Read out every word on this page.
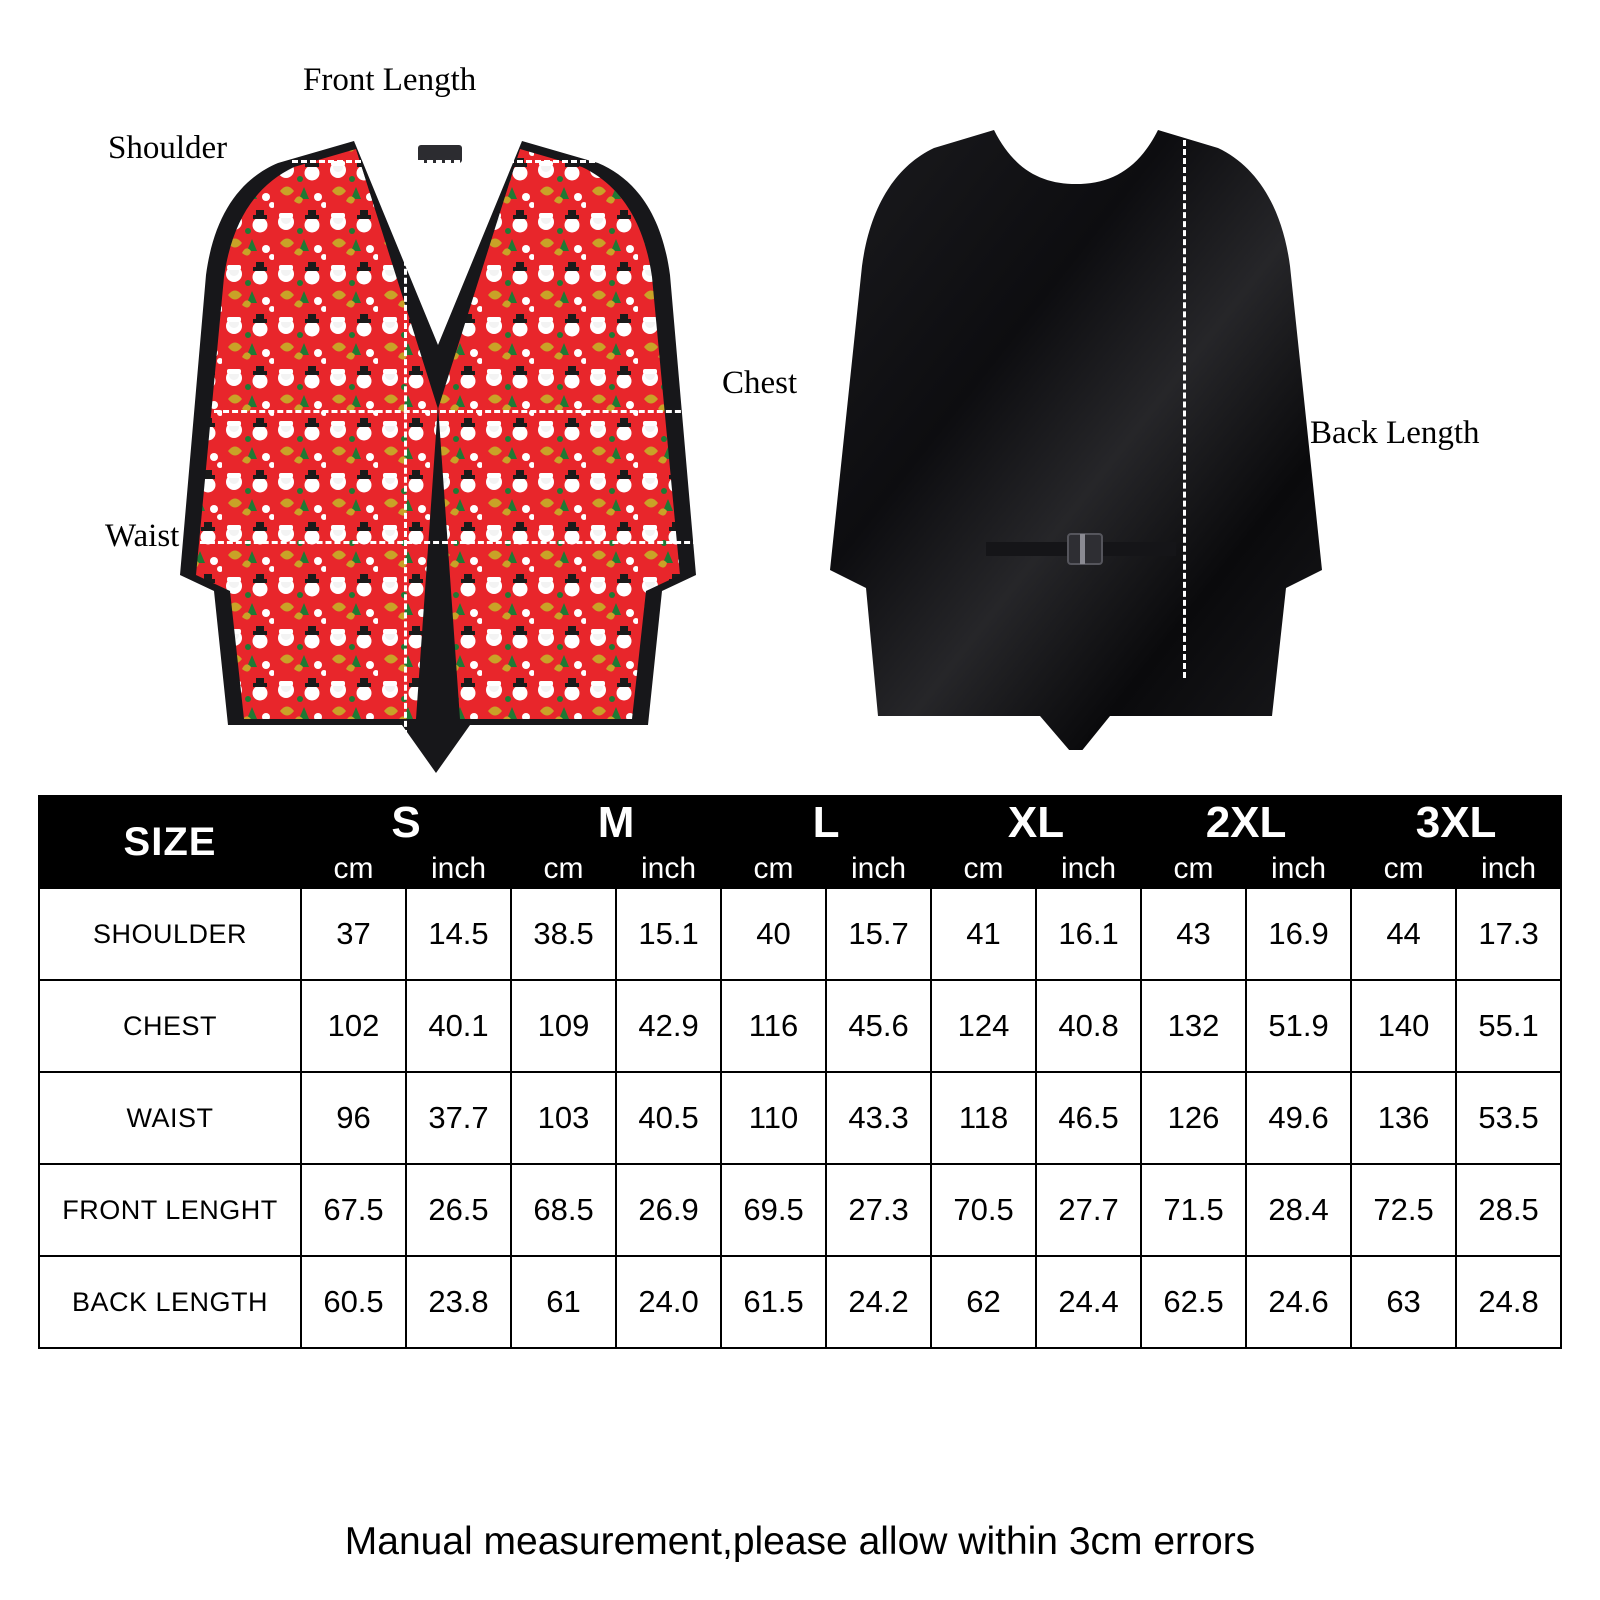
Front Length
Shoulder
Chest
Waist
Back Length
SIZE	S		M		L		XL		2XL		3XL	
	cm	inch	cm	inch	cm	inch	cm	inch	cm	inch	cm	inch
SHOULDER	37	14.5	38.5	15.1	40	15.7	41	16.1	43	16.9	44	17.3
CHEST	102	40.1	109	42.9	116	45.6	124	40.8	132	51.9	140	55.1
WAIST	96	37.7	103	40.5	110	43.3	118	46.5	126	49.6	136	53.5
FRONT LENGHT	67.5	26.5	68.5	26.9	69.5	27.3	70.5	27.7	71.5	28.4	72.5	28.5
BACK LENGTH	60.5	23.8	61	24.0	61.5	24.2	62	24.4	62.5	24.6	63	24.8
Manual measurement,please allow within 3cm errors
